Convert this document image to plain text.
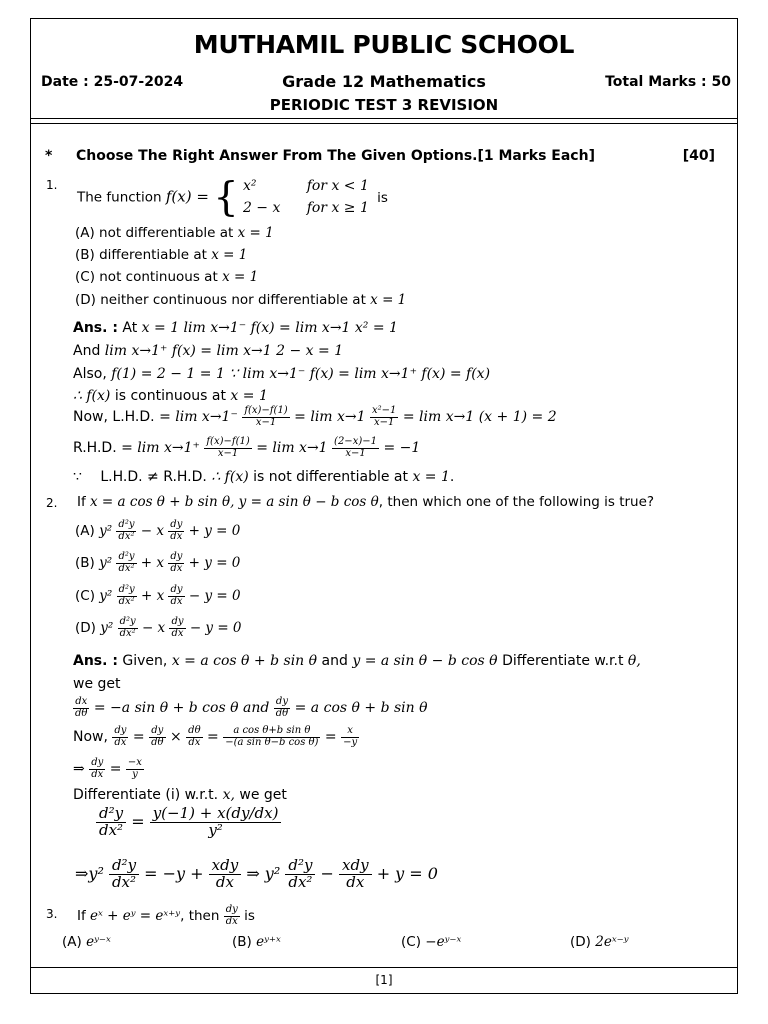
MUTHAMIL PUBLIC SCHOOL
Date : 25-07-2024	Grade 12 Mathematics	Total Marks : 50
PERIODIC TEST 3 REVISION
* Choose The Right Answer From The Given Options.[1 Marks Each]	[40]
1.
The function f(x) = { x²
2 − x for x < 1
for x ≥ 1 is
(A) not differentiable at x = 1
(B) differentiable at x = 1
(C) not continuous at x = 1
(D) neither continuous nor differentiable at x = 1
Ans. : At x = 1 lim x→1⁻ f(x) = lim x→1 x² = 1
And lim x→1⁺ f(x) = lim x→1 2 − x = 1
Also, f(1) = 2 − 1 = 1 ∵ lim x→1⁻ f(x) = lim x→1⁺ f(x) = f(x)
∴ f(x) is continuous at x = 1
Now, L.H.D. = $\lim x\to 1^- \frac{f(x)-f(1)}{x-1} = \lim x\to 1 \frac{\text{x²−1}}{x-1} = \lim x\to 1$ (x + 1) = 2
R.H.D. = $\lim x\to 1^+ \frac{f(x)-f(1)}{x-1} = \lim x\to 1 \frac{(2-x)-1}{x-1} = -1$
∵ L.H.D. ≠ R.H.D. ∴ f(x) is not differentiable at x = 1.
2. If x = a cos θ + b sin θ, y = a sin θ − b cos θ, then which one of the following is true?
(A) $y^2 \frac{\text{d²y}}{\text{dx²}} - x \frac{dy}{dx} + y = 0$
(B) $y^2 \frac{\text{d²y}}{\text{dx²}} + x \frac{dy}{dx} + y = 0$
(C) $y^2 \frac{\text{d²y}}{\text{dx²}} + x \frac{dy}{dx} - y = 0$
(D) $y^2 \frac{\text{d²y}}{\text{dx²}} - x \frac{dy}{dx} - y = 0$
Ans. : Given, x = a cos θ + b sin θ and y = a sin θ − b cos θ Differentiate w.r.t θ,
we get
$\frac{dx}{d\theta} = -a$ sin θ + b cos θ and $\frac{dy}{d\theta} = a$ cos θ + b sin θ
Now, $\frac{dy}{dx} = \frac{dy}{d\theta} \times \frac{d\theta}{dx} = \frac{\text{a cos θ+b sin θ}}{\text{−(a sin θ−b cos θ)}} = \frac{x}{-y}$
⇒ $\frac{dy}{dx} = \frac{-x}{y}$
Differentiate (i) w.r.t. x, we get
$\frac{\text{d²y}}{\text{dx²}} = \frac{y(-1) + x(dy/dx)}{\text{y²}}$
⇒y² $\frac{\text{d²y}}{\text{dx²}} = -y + \frac{\text{xdy}}{dx}$ ⇒ $y^2 \frac{\text{d²y}}{\text{dx²}} - \frac{\text{xdy}}{dx} + y = 0$
3. If eˣ + eʸ = eˣ⁺ʸ, then $\frac{dy}{dx}$ is
(A) eʸ⁻ˣ	(B) eʸ⁺ˣ	(C) −eʸ⁻ˣ	(D) 2eˣ⁻ʸ
[1]
